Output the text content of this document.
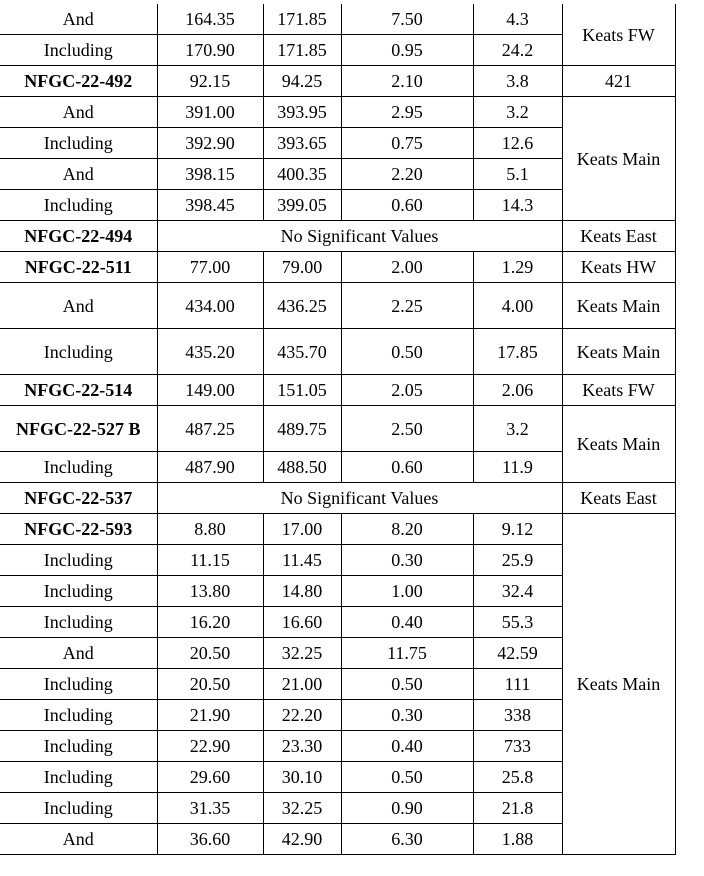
And	164.35	171.85	7.50	4.3	Keats FW
Including	170.90	171.85	0.95	24.2	
NFGC-22-492	92.15	94.25	2.10	3.8	421
And	391.00	393.95	2.95	3.2	Keats Main
Including	392.90	393.65	0.75	12.6	
And	398.15	400.35	2.20	5.1	
Including	398.45	399.05	0.60	14.3	
NFGC-22-494	No Significant Values				Keats East
NFGC-22-511	77.00	79.00	2.00	1.29	Keats HW
And	434.00	436.25	2.25	4.00	Keats Main
Including	435.20	435.70	0.50	17.85	Keats Main
NFGC-22-514	149.00	151.05	2.05	2.06	Keats FW
NFGC-22-527 B	487.25	489.75	2.50	3.2	Keats Main
Including	487.90	488.50	0.60	11.9	
NFGC-22-537	No Significant Values				Keats East
NFGC-22-593	8.80	17.00	8.20	9.12	Keats Main
Including	11.15	11.45	0.30	25.9	
Including	13.80	14.80	1.00	32.4	
Including	16.20	16.60	0.40	55.3	
And	20.50	32.25	11.75	42.59	
Including	20.50	21.00	0.50	111	
Including	21.90	22.20	0.30	338	
Including	22.90	23.30	0.40	733	
Including	29.60	30.10	0.50	25.8	
Including	31.35	32.25	0.90	21.8	
And	36.60	42.90	6.30	1.88	
